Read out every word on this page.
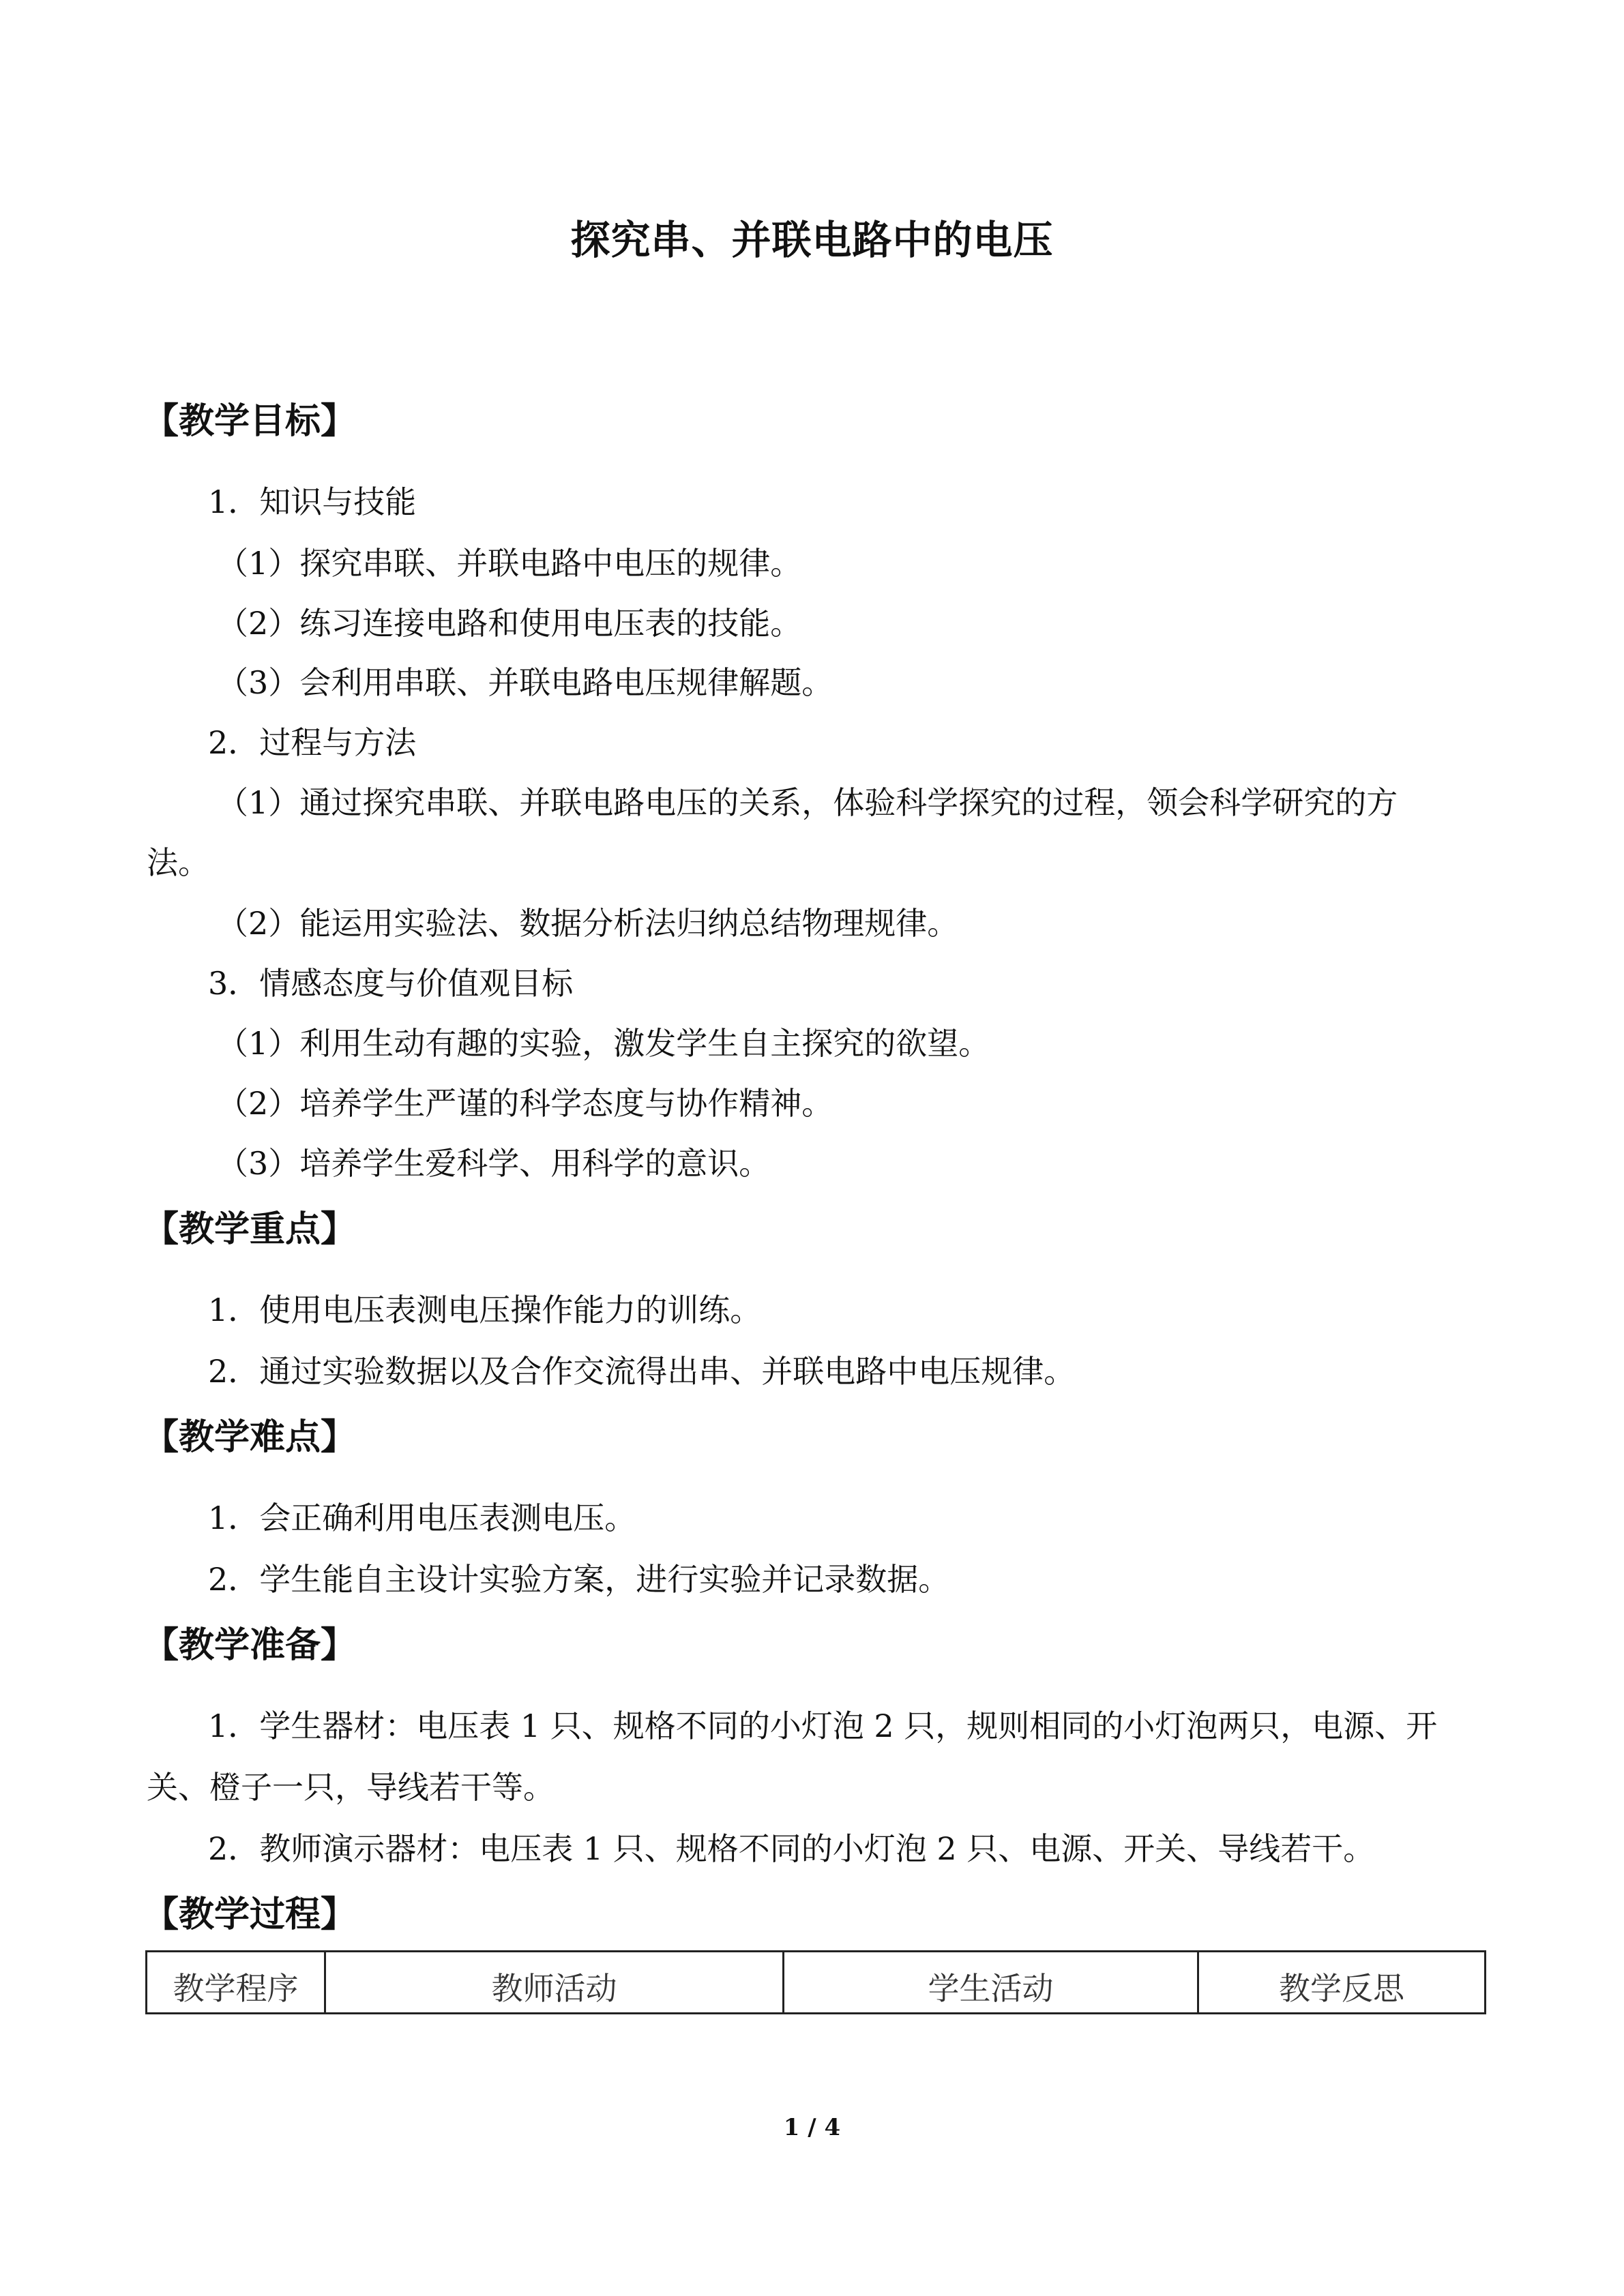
探究串、并联电路中的电压
【教学目标】
1．知识与技能
（1）探究串联、并联电路中电压的规律。
（2）练习连接电路和使用电压表的技能。
（3）会利用串联、并联电路电压规律解题。
2．过程与方法
（1）通过探究串联、并联电路电压的关系，体验科学探究的过程，领会科学研究的方
法。
（2）能运用实验法、数据分析法归纳总结物理规律。
3．情感态度与价值观目标
（1）利用生动有趣的实验，激发学生自主探究的欲望。
（2）培养学生严谨的科学态度与协作精神。
（3）培养学生爱科学、用科学的意识。
【教学重点】
1．使用电压表测电压操作能力的训练。
2．通过实验数据以及合作交流得出串、并联电路中电压规律。
【教学难点】
1．会正确利用电压表测电压。
2．学生能自主设计实验方案，进行实验并记录数据。
【教学准备】
1．学生器材：电压表 1 只、规格不同的小灯泡 2 只，规则相同的小灯泡两只，电源、开
关、橙子一只，导线若干等。
2．教师演示器材：电压表 1 只、规格不同的小灯泡 2 只、电源、开关、导线若干。
【教学过程】
教学程序	教师活动	学生活动	教学反思
1 / 4
